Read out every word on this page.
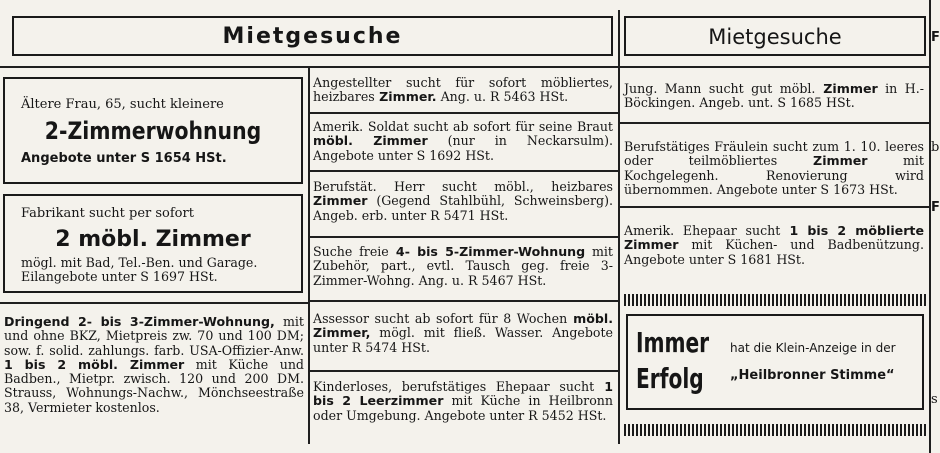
Mietgesuche	Mietgesuche
Ältere Frau, 65, sucht kleinere
2-Zimmerwohnung
Angebote unter S 1654 HSt.
Fabrikant sucht per sofort
2 möbl. Zimmer
mögl. mit Bad, Tel.-Ben. und Garage.
Eilangebote unter S 1697 HSt.
Dringend 2- bis 3-Zimmer-Wohnung, mit und ohne BKZ, Mietpreis zw. 70 und 100 DM; sow. f. solid. zahlungs. farb. USA-Offizier-Anw. 1 bis 2 möbl. Zimmer mit Küche und Badben., Mietpr. zwisch. 120 und 200 DM. Strauss, Wohnungs-Nachw., Mönchseestraße 38, Vermieter kostenlos.
Angestellter sucht für sofort möbliertes, heizbares Zimmer. Ang. u. R 5463 HSt.
Amerik. Soldat sucht ab sofort für seine Braut möbl. Zimmer (nur in Neckarsulm). Angebote unter S 1692 HSt.
Berufstät. Herr sucht möbl., heizbares Zimmer (Gegend Stahlbühl, Schweinsberg). Angeb. erb. unter R 5471 HSt.
Suche freie 4- bis 5-Zimmer-Wohnung mit Zubehör, part., evtl. Tausch geg. freie 3-Zimmer-Wohng. Ang. u. R 5467 HSt.
Assessor sucht ab sofort für 8 Wochen möbl. Zimmer, mögl. mit fließ. Wasser. Angebote unter R 5474 HSt.
Kinderloses, berufstätiges Ehepaar sucht 1 bis 2 Leerzimmer mit Küche in Heilbronn oder Umgebung. Angebote unter R 5452 HSt.
Jung. Mann sucht gut möbl. Zimmer in H.-Böckingen. Angeb. unt. S 1685 HSt.
Berufstätiges Fräulein sucht zum 1. 10. leeres oder teilmöbliertes Zimmer mit Kochgelegenh. Renovierung wird übernommen. Angebote unter S 1673 HSt.
Amerik. Ehepaar sucht 1 bis 2 möblierte Zimmer mit Küchen- und Badbenützung. Angebote unter S 1681 HSt.
Immer
Erfolg
hat die Klein-Anzeige in der
„Heilbronner Stimme“
F
b
F
s
